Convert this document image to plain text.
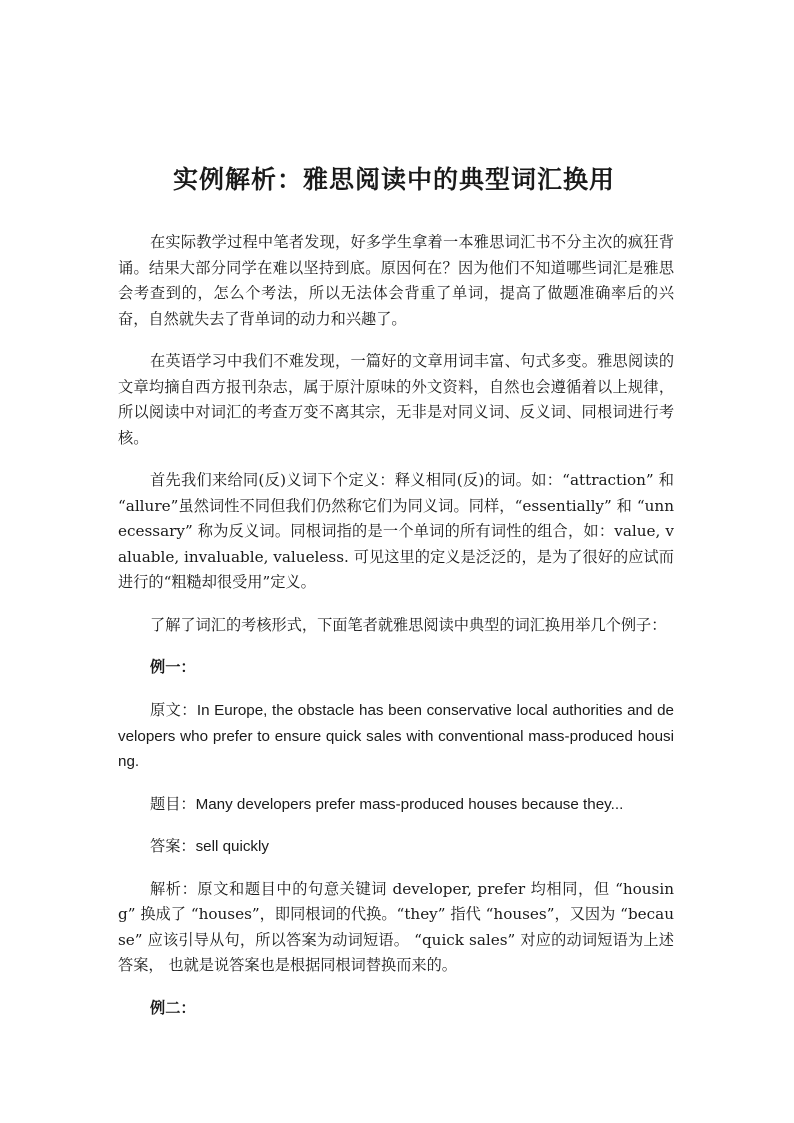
实例解析：雅思阅读中的典型词汇换用

在实际教学过程中笔者发现，好多学生拿着一本雅思词汇书不分主次的疯狂背诵。结果大部分同学在难以坚持到底。原因何在？因为他们不知道哪些词汇是雅思会考查到的，怎么个考法，所以无法体会背重了单词，提高了做题准确率后的兴奋，自然就失去了背单词的动力和兴趣了。

在英语学习中我们不难发现，一篇好的文章用词丰富、句式多变。雅思阅读的文章均摘自西方报刊杂志，属于原汁原味的外文资料，自然也会遵循着以上规律，所以阅读中对词汇的考查万变不离其宗，无非是对同义词、反义词、同根词进行考核。

首先我们来给同(反)义词下个定义：释义相同(反)的词。如：“attraction” 和 “allure”虽然词性不同但我们仍然称它们为同义词。同样，“essentially” 和 “unnecessary” 称为反义词。同根词指的是一个单词的所有词性的组合，如：value, valuable, invaluable, valueless. 可见这里的定义是泛泛的，是为了很好的应试而进行的“粗糙却很受用”定义。

了解了词汇的考核形式，下面笔者就雅思阅读中典型的词汇换用举几个例子：

例一：

原文：In Europe, the obstacle has been conservative local authorities and developers who prefer to ensure quick sales with conventional mass-produced housing.

题目：Many developers prefer mass-produced houses because they...

答案：sell quickly

解析：原文和题目中的句意关键词 developer, prefer 均相同，但 “housing” 换成了 “houses”，即同根词的代换。“they” 指代 “houses”，又因为 “because” 应该引导从句，所以答案为动词短语。 “quick sales” 对应的动词短语为上述答案， 也就是说答案也是根据同根词替换而来的。

例二：
